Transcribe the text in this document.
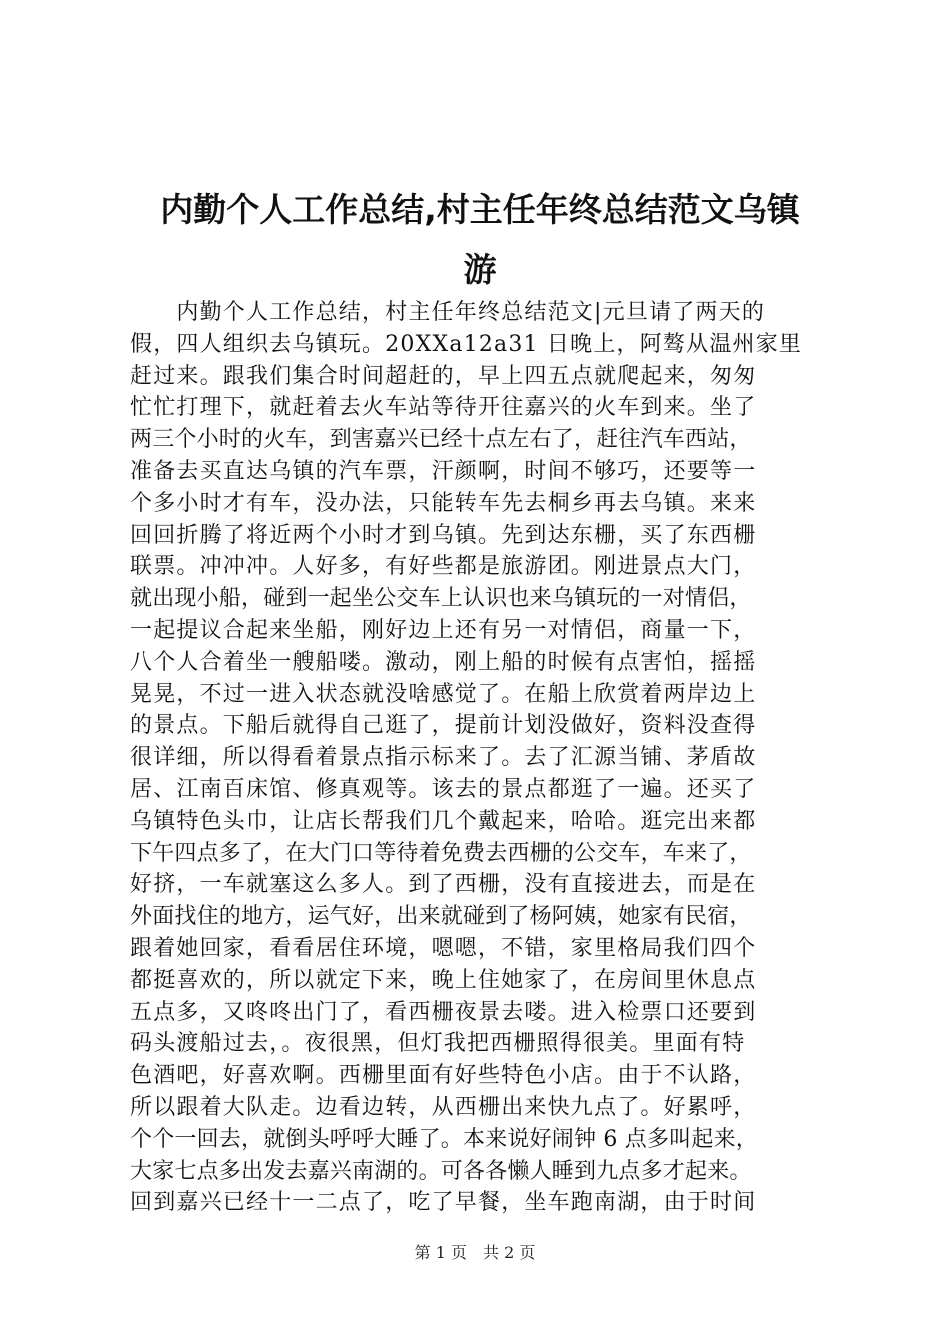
内勤个人工作总结,村主任年终总结范文乌镇
游
　　内勤个人工作总结，村主任年终总结范文|元旦请了两天的
假，四人组织去乌镇玩。20XXa12a31 日晚上，阿骜从温州家里
赶过来。跟我们集合时间超赶的，早上四五点就爬起来，匆匆
忙忙打理下，就赶着去火车站等待开往嘉兴的火车到来。坐了
两三个小时的火车，到害嘉兴已经十点左右了，赶往汽车西站，
准备去买直达乌镇的汽车票，汗颜啊，时间不够巧，还要等一
个多小时才有车，没办法，只能转车先去桐乡再去乌镇。来来
回回折腾了将近两个小时才到乌镇。先到达东栅，买了东西栅
联票。冲冲冲。人好多，有好些都是旅游团。刚进景点大门，
就出现小船，碰到一起坐公交车上认识也来乌镇玩的一对情侣，
一起提议合起来坐船，刚好边上还有另一对情侣，商量一下，
八个人合着坐一艘船喽。激动，刚上船的时候有点害怕，摇摇
晃晃，不过一进入状态就没啥感觉了。在船上欣赏着两岸边上
的景点。下船后就得自己逛了，提前计划没做好，资料没查得
很详细，所以得看着景点指示标来了。去了汇源当铺、茅盾故
居、江南百床馆、修真观等。该去的景点都逛了一遍。还买了
乌镇特色头巾，让店长帮我们几个戴起来，哈哈。逛完出来都
下午四点多了，在大门口等待着免费去西栅的公交车，车来了，
好挤，一车就塞这么多人。到了西栅，没有直接进去，而是在
外面找住的地方，运气好，出来就碰到了杨阿姨，她家有民宿，
跟着她回家，看看居住环境，嗯嗯，不错，家里格局我们四个
都挺喜欢的，所以就定下来，晚上住她家了，在房间里休息点
五点多，又咚咚出门了，看西栅夜景去喽。进入检票口还要到
码头渡船过去，。夜很黑，但灯我把西栅照得很美。里面有特
色酒吧，好喜欢啊。西栅里面有好些特色小店。由于不认路，
所以跟着大队走。边看边转，从西栅出来快九点了。好累呼，
个个一回去，就倒头呼呼大睡了。本来说好闹钟 6 点多叫起来，
大家七点多出发去嘉兴南湖的。可各各懒人睡到九点多才起来。
回到嘉兴已经十一二点了，吃了早餐，坐车跑南湖，由于时间
第 1 页　共 2 页
